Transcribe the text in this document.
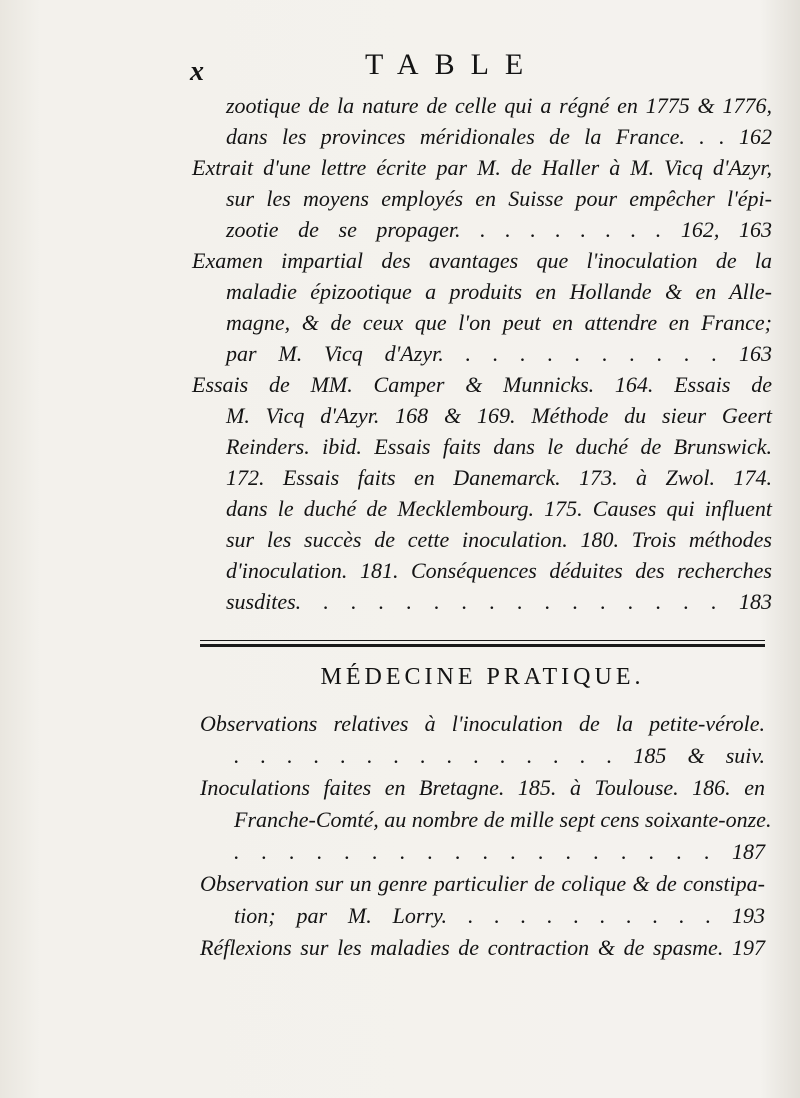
x	TABLE
zootique de la nature de celle qui a régné en 1775 & 1776,
dans les provinces méridionales de la France. . . 162
Extrait d'une lettre écrite par M. de Haller à M. Vicq d'Azyr,
sur les moyens employés en Suisse pour empêcher l'épi-
zootie de se propager. . . . . . . . . 162, 163
Examen impartial des avantages que l'inoculation de la
maladie épizootique a produits en Hollande & en Alle-
magne, & de ceux que l'on peut en attendre en France;
par M. Vicq d'Azyr. . . . . . . . . . . 163
Essais de MM. Camper & Munnicks. 164. Essais de
M. Vicq d'Azyr. 168 & 169. Méthode du sieur Geert
Reinders. ibid. Essais faits dans le duché de Brunswick.
172. Essais faits en Danemarck. 173. à Zwol. 174.
dans le duché de Mecklembourg. 175. Causes qui influent
sur les succès de cette inoculation. 180. Trois méthodes
d'inoculation. 181. Conséquences déduites des recherches
susdites. . . . . . . . . . . . . . . . 183
MÉDECINE PRATIQUE.
Observations relatives à l'inoculation de la petite-vérole.
. . . . . . . . . . . . . . . 185 & suiv.
Inoculations faites en Bretagne. 185. à Toulouse. 186. en
Franche-Comté, au nombre de mille sept cens soixante-onze.
. . . . . . . . . . . . . . . . . . 187
Observation sur un genre particulier de colique & de constipa-
tion; par M. Lorry. . . . . . . . . . . 193
Réflexions sur les maladies de contraction & de spasme. 197
